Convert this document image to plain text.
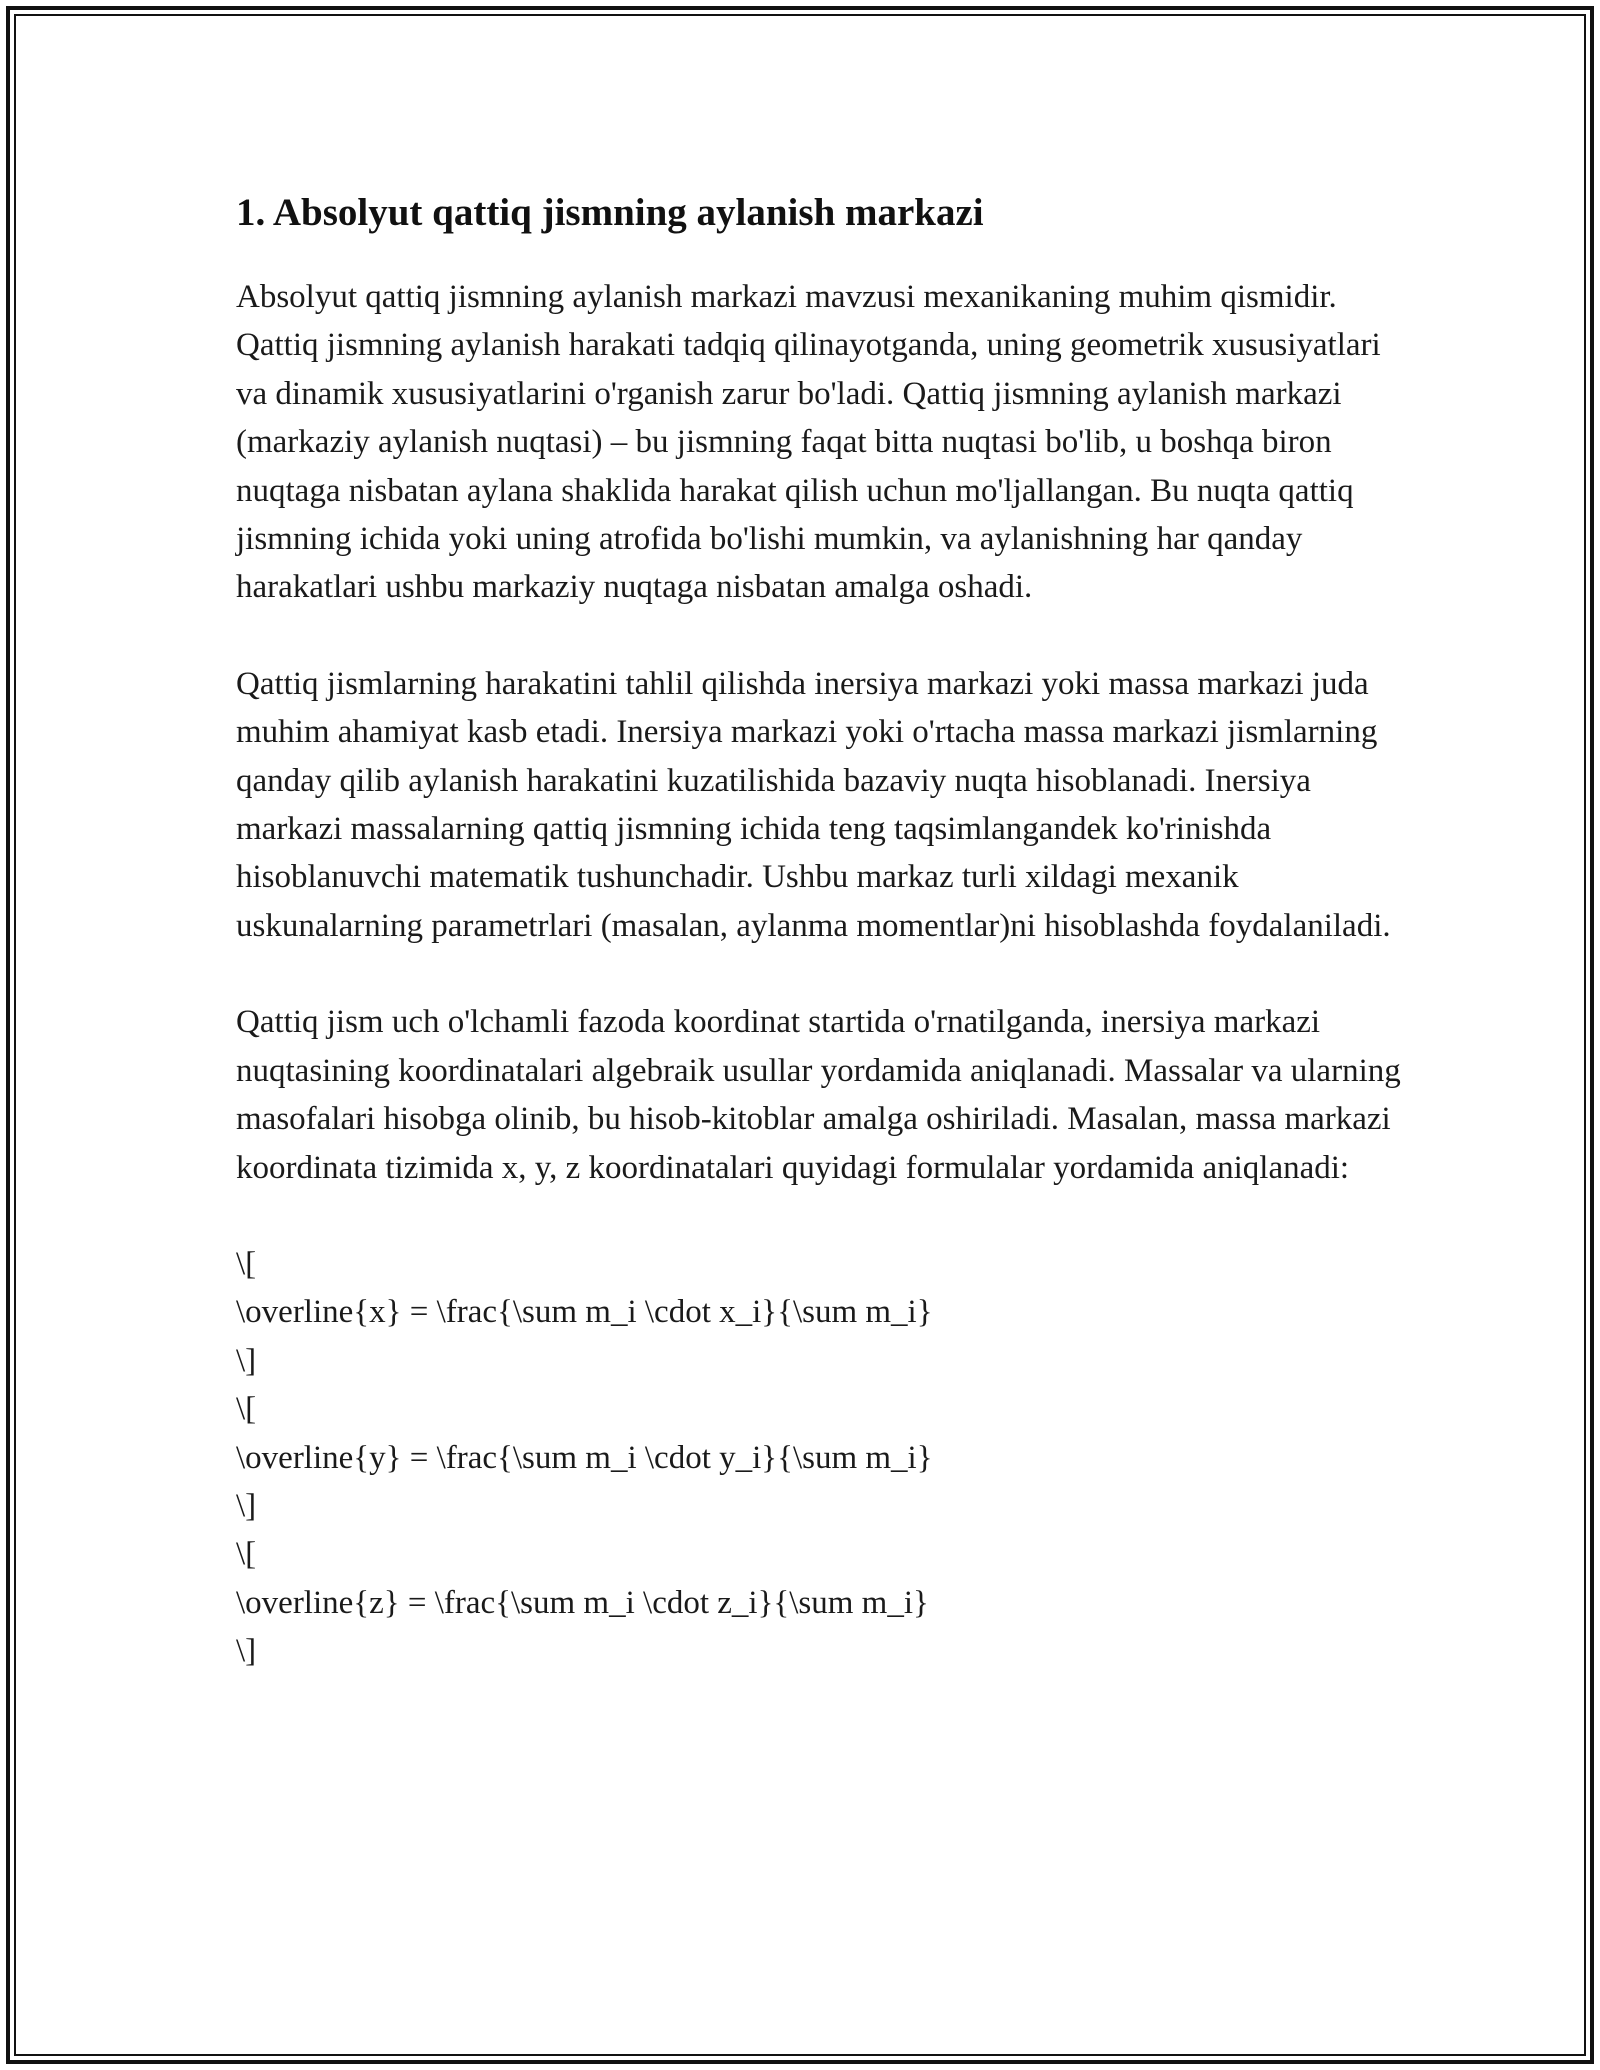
1. Absolyut qattiq jismning aylanish markazi

Absolyut qattiq jismning aylanish markazi mavzusi mexanikaning muhim qismidir. Qattiq jismning aylanish harakati tadqiq qilinayotganda, uning geometrik xususiyatlari va dinamik xususiyatlarini o'rganish zarur bo'ladi. Qattiq jismning aylanish markazi (markaziy aylanish nuqtasi) – bu jismning faqat bitta nuqtasi bo'lib, u boshqa biron nuqtaga nisbatan aylana shaklida harakat qilish uchun mo'ljallangan. Bu nuqta qattiq jismning ichida yoki uning atrofida bo'lishi mumkin, va aylanishning har qanday harakatlari ushbu markaziy nuqtaga nisbatan amalga oshadi.

Qattiq jismlarning harakatini tahlil qilishda inersiya markazi yoki massa markazi juda muhim ahamiyat kasb etadi. Inersiya markazi yoki o'rtacha massa markazi jismlarning qanday qilib aylanish harakatini kuzatilishida bazaviy nuqta hisoblanadi. Inersiya markazi massalarning qattiq jismning ichida teng taqsimlangandek ko'rinishda hisoblanuvchi matematik tushunchadir. Ushbu markaz turli xildagi mexanik uskunalarning parametrlari (masalan, aylanma momentlar)ni hisoblashda foydalaniladi.

Qattiq jism uch o'lchamli fazoda koordinat startida o'rnatilganda, inersiya markazi nuqtasining koordinatalari algebraik usullar yordamida aniqlanadi. Massalar va ularning masofalari hisobga olinib, bu hisob-kitoblar amalga oshiriladi. Masalan, massa markazi koordinata tizimida x, y, z koordinatalari quyidagi formulalar yordamida aniqlanadi:

\[
\overline{x} = \frac{\sum m_i \cdot x_i}{\sum m_i}
\]
\[
\overline{y} = \frac{\sum m_i \cdot y_i}{\sum m_i}
\]
\[
\overline{z} = \frac{\sum m_i \cdot z_i}{\sum m_i}
\]
